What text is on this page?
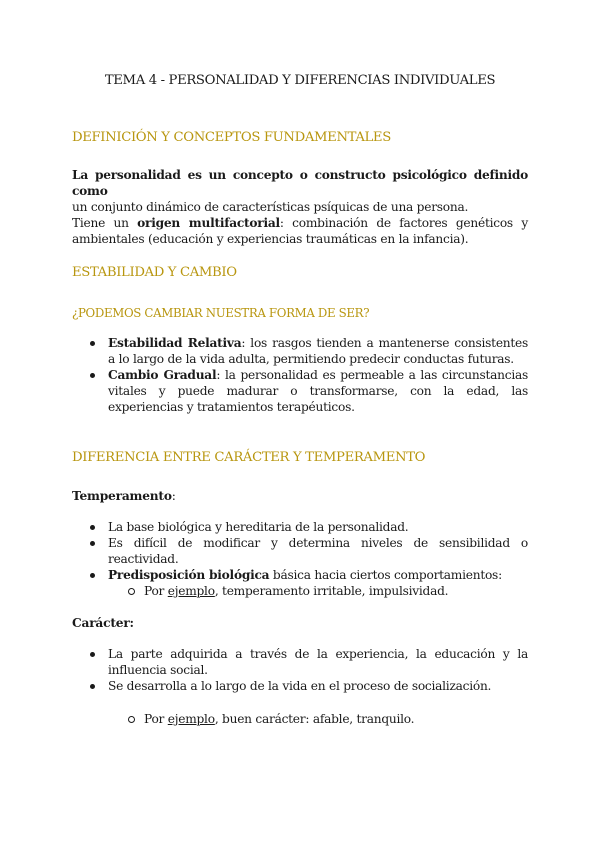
TEMA 4 - PERSONALIDAD Y DIFERENCIAS INDIVIDUALES
DEFINICIÓN Y CONCEPTOS FUNDAMENTALES
La personalidad es un concepto o constructo psicológico definido como
un conjunto dinámico de características psíquicas de una persona.
Tiene un origen multifactorial: combinación de factores genéticos y ambientales (educación y experiencias traumáticas en la infancia).
ESTABILIDAD Y CAMBIO
¿PODEMOS CAMBIAR NUESTRA FORMA DE SER?
Estabilidad Relativa: los rasgos tienden a mantenerse consistentes a lo largo de la vida adulta, permitiendo predecir conductas futuras.
Cambio Gradual: la personalidad es permeable a las circunstancias vitales y puede madurar o transformarse, con la edad, las experiencias y tratamientos terapéuticos.
DIFERENCIA ENTRE CARÁCTER Y TEMPERAMENTO
Temperamento:
La base biológica y hereditaria de la personalidad.
Es difícil de modificar y determina niveles de sensibilidad o reactividad.
Predisposición biológica básica hacia ciertos comportamientos:
Por ejemplo, temperamento irritable, impulsividad.
Carácter:
La parte adquirida a través de la experiencia, la educación y la influencia social.
Se desarrolla a lo largo de la vida en el proceso de socialización.
Por ejemplo, buen carácter: afable, tranquilo.
